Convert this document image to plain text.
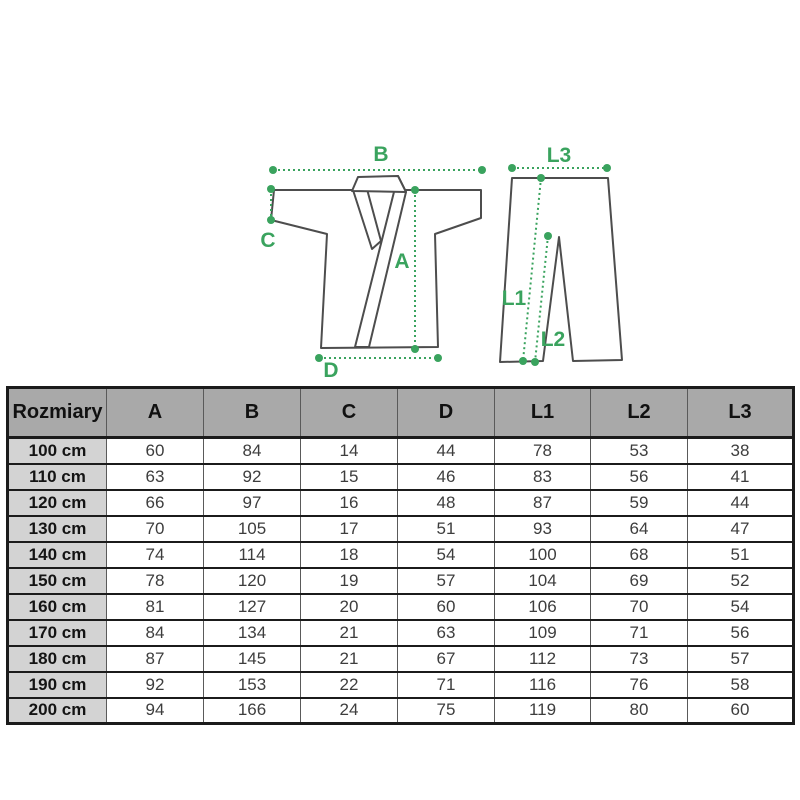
B
C
A
D
L3
L1
L2
Rozmiary	A	B	C	D	L1	L2	L3
100 cm	60	84	14	44	78	53	38
110 cm	63	92	15	46	83	56	41
120 cm	66	97	16	48	87	59	44
130 cm	70	105	17	51	93	64	47
140 cm	74	114	18	54	100	68	51
150 cm	78	120	19	57	104	69	52
160 cm	81	127	20	60	106	70	54
170 cm	84	134	21	63	109	71	56
180 cm	87	145	21	67	112	73	57
190 cm	92	153	22	71	116	76	58
200 cm	94	166	24	75	119	80	60
